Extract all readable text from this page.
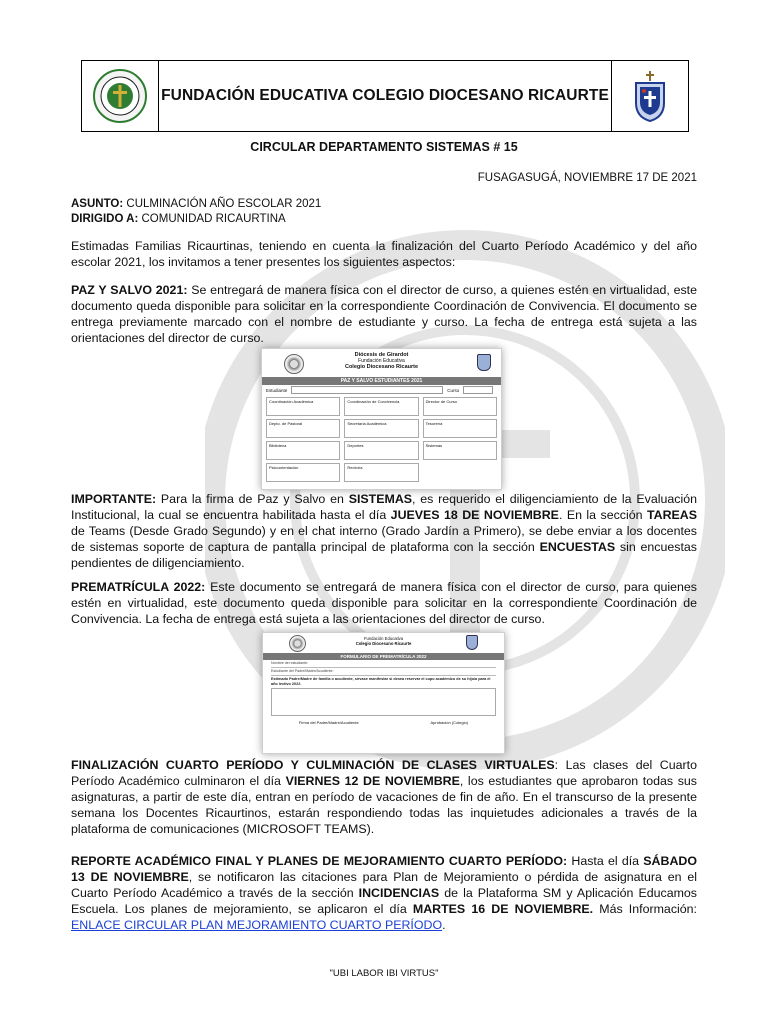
FUNDACIÓN EDUCATIVA COLEGIO DIOCESANO RICAURTE
CIRCULAR DEPARTAMENTO SISTEMAS # 15
FUSAGASUGÁ, NOVIEMBRE 17 DE 2021
ASUNTO: CULMINACIÓN AÑO ESCOLAR 2021
DIRIGIDO A: COMUNIDAD RICAURTINA

Estimadas Familias Ricaurtinas, teniendo en cuenta la finalización del Cuarto Período Académico y del año escolar 2021, los invitamos a tener presentes los siguientes aspectos:

PAZ Y SALVO 2021: Se entregará de manera física con el director de curso, a quienes estén en virtualidad, este documento queda disponible para solicitar en la correspondiente Coordinación de Convivencia. El documento se entrega previamente marcado con el nombre de estudiante y curso. La fecha de entrega está sujeta a las orientaciones del director de curso.

Diócesis de Girardot
Fundación Educativa
Colegio Diocesano Ricaurte
PAZ Y SALVO ESTUDIANTES 2021
Estudiante	Curso
Coordinación Académica	Coordinación de Convivencia	Director de Curso
Depto. de Pastoral	Secretaría Académica	Tesorería
Biblioteca	Deportes	Sistemas
Psicoorientación	Rectoría

IMPORTANTE: Para la firma de Paz y Salvo en SISTEMAS, es requerido el diligenciamiento de la Evaluación Institucional, la cual se encuentra habilitada hasta el día JUEVES 18 DE NOVIEMBRE. En la sección TAREAS de Teams (Desde Grado Segundo) y en el chat interno (Grado Jardín a Primero), se debe enviar a los docentes de sistemas soporte de captura de pantalla principal de plataforma con la sección ENCUESTAS sin encuestas pendientes de diligenciamiento.

PREMATRÍCULA 2022: Este documento se entregará de manera física con el director de curso, para quienes estén en virtualidad, este documento queda disponible para solicitar en la correspondiente Coordinación de Convivencia. La fecha de entrega está sujeta a las orientaciones del director de curso.

Fundación Educativa
Colegio Diocesano Ricaurte
FORMULARIO DE PREMATRÍCULA 2022
Nombre del estudiante:
Estudiante del Padre/Madre/Acudiente:
Estimado Padre/Madre de familia o acudiente, sírvase manifestar si desea reservar el cupo académico de su hijo/a para el año lectivo 2022.
Firma del Padre/Madre/Acudiente	Aprobación (Colegio)

FINALIZACIÓN CUARTO PERÍODO Y CULMINACIÓN DE CLASES VIRTUALES: Las clases del Cuarto Período Académico culminaron el día VIERNES 12 DE NOVIEMBRE, los estudiantes que aprobaron todas sus asignaturas, a partir de este día, entran en período de vacaciones de fin de año. En el transcurso de la presente semana los Docentes Ricaurtinos, estarán respondiendo todas las inquietudes adicionales a través de la plataforma de comunicaciones (MICROSOFT TEAMS).

REPORTE ACADÉMICO FINAL Y PLANES DE MEJORAMIENTO CUARTO PERÍODO: Hasta el día SÁBADO 13 DE NOVIEMBRE, se notificaron las citaciones para Plan de Mejoramiento o pérdida de asignatura en el Cuarto Período Académico a través de la sección INCIDENCIAS de la Plataforma SM y Aplicación Educamos Escuela. Los planes de mejoramiento, se aplicaron el día MARTES 16 DE NOVIEMBRE. Más Información: ENLACE CIRCULAR PLAN MEJORAMIENTO CUARTO PERÍODO.

"UBI LABOR IBI VIRTUS"
